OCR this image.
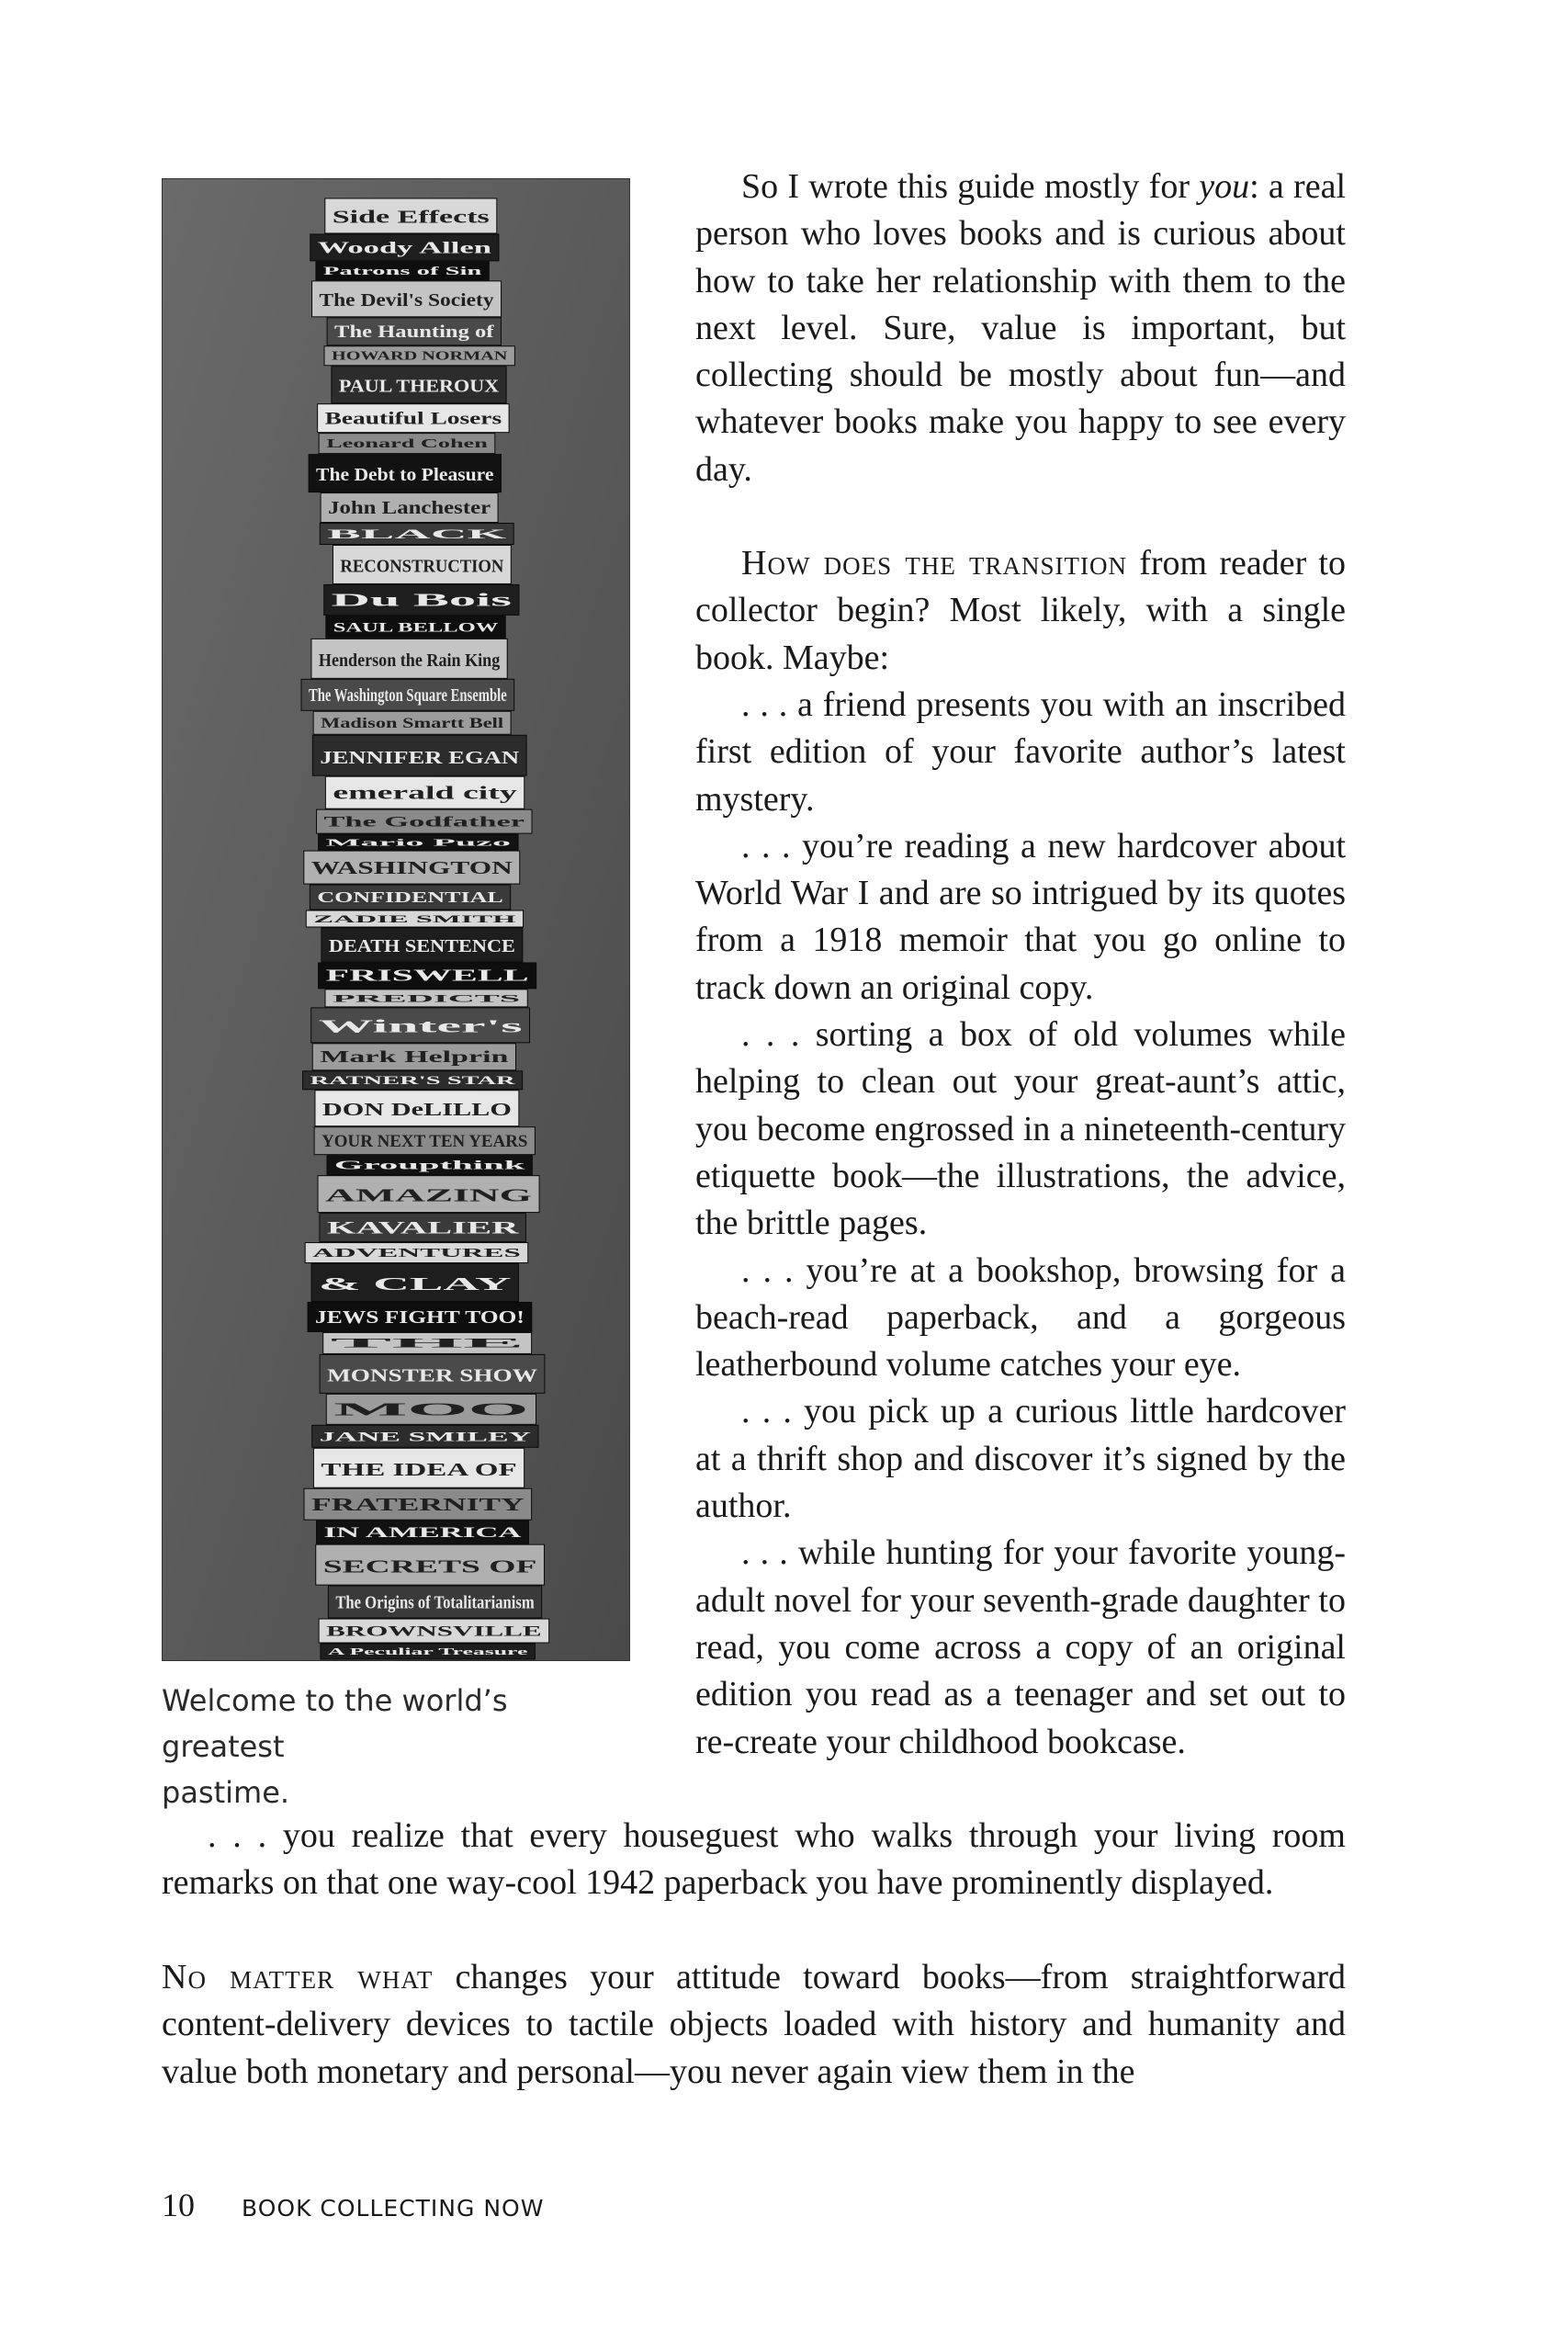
A Peculiar Treasure
BROWNSVILLE
The Origins of Totalitarianism
SECRETS OF
IN AMERICA
FRATERNITY
THE IDEA OF
JANE SMILEY
MOO
MONSTER SHOW
THE
JEWS FIGHT TOO!
& CLAY
ADVENTURES
KAVALIER
AMAZING
Groupthink
YOUR NEXT TEN YEARS
DON DeLILLO
RATNER'S STAR
Mark Helprin
Winter's
PREDICTS
FRISWELL
DEATH SENTENCE
ZADIE SMITH
CONFIDENTIAL
WASHINGTON
Mario Puzo
The Godfather
emerald city
JENNIFER EGAN
Madison Smartt Bell
The Washington Square Ensemble
Henderson the Rain King
SAUL BELLOW
Du Bois
RECONSTRUCTION
BLACK
John Lanchester
The Debt to Pleasure
Leonard Cohen
Beautiful Losers
PAUL THEROUX
HOWARD NORMAN
The Haunting of
The Devil's Society
Patrons of Sin
Woody Allen
Side Effects
Welcome to the world’s greatest
pastime.

So I wrote this guide mostly for you: a real person who loves books and is curious about how to take her relationship with them to the next level. Sure, value is important, but collecting should be mostly about fun—and whatever books make you happy to see every day.

How does the transition from reader to collector begin? Most likely, with a single book. Maybe:

. . . a friend presents you with an inscribed first edition of your favorite author’s latest mystery.

. . . you’re reading a new hardcover about World War I and are so intrigued by its quotes from a 1918 memoir that you go online to track down an original copy.

. . . sorting a box of old volumes while helping to clean out your great-aunt’s attic, you become engrossed in a nineteenth-century etiquette book—the illustrations, the advice, the brittle pages.

. . . you’re at a bookshop, browsing for a beach-read paperback, and a gorgeous leatherbound volume catches your eye.

. . . you pick up a curious little hardcover at a thrift shop and discover it’s signed by the author.

. . . while hunting for your favorite young-adult novel for your seventh-grade daughter to read, you come across a copy of an original edition you read as a teenager and set out to re-create your childhood bookcase.

. . . you realize that every houseguest who walks through your living room remarks on that one way-cool 1942 paperback you have prominently displayed.

No matter what changes your attitude toward books—from straightforward content-delivery devices to tactile objects loaded with history and humanity and value both monetary and personal—you never again view them in the

10 BOOK COLLECTING NOW
